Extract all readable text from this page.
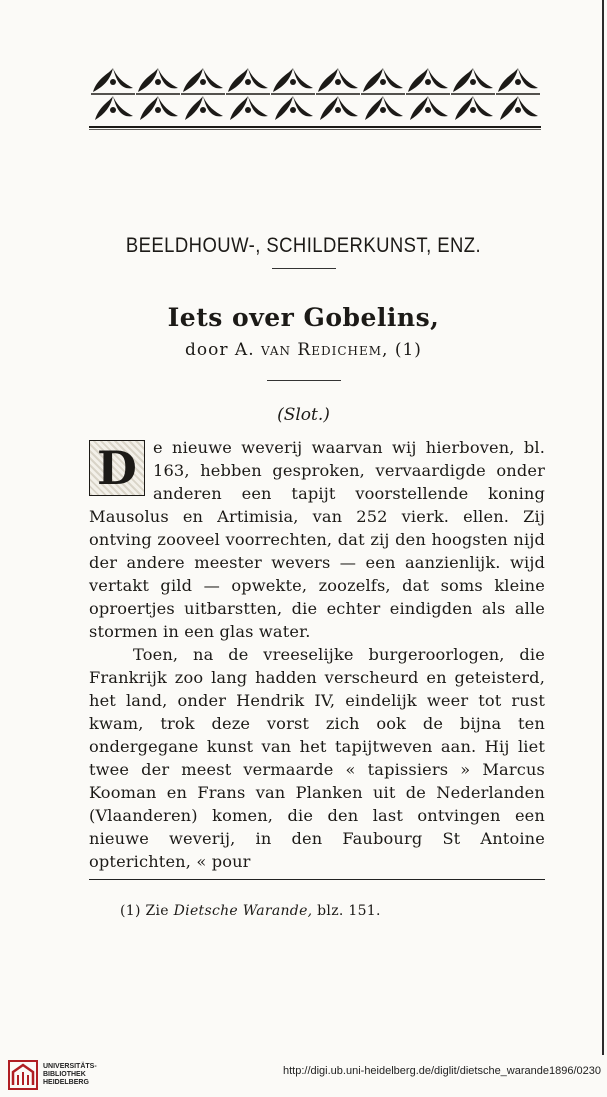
BEELDHOUW-, SCHILDERKUNST, ENZ.
Iets over Gobelins,
door A. van Redichem, (1)
(Slot.)

D e nieuwe weverij waarvan wij hierboven, bl. 163, hebben gesproken, vervaardigde onder anderen een tapijt voorstellende koning Mausolus en Artimisia, van 252 vierk. ellen. Zij ontving zooveel voorrechten, dat zij den hoogsten nijd der andere meester wevers — een aanzienlijk. wijd vertakt gild — opwekte, zoozelfs, dat soms kleine oproertjes uitbarstten, die echter eindigden als alle stormen in een glas water.

Toen, na de vreeselijke burgeroorlogen, die Frankrijk zoo lang hadden verscheurd en geteisterd, het land, onder Hendrik IV, eindelijk weer tot rust kwam, trok deze vorst zich ook de bijna ten ondergegane kunst van het tapijtweven aan. Hij liet twee der meest vermaarde « tapissiers » Marcus Kooman en Frans van Planken uit de Nederlanden (Vlaanderen) komen, die den last ontvingen een nieuwe weverij, in den Faubourg St Antoine opterichten, « pour

(1) Zie Dietsche Warande, blz. 151.
UNIVERSITÄTS-
BIBLIOTHEK
HEIDELBERG
http://digi.ub.uni-heidelberg.de/diglit/dietsche_warande1896/0230
